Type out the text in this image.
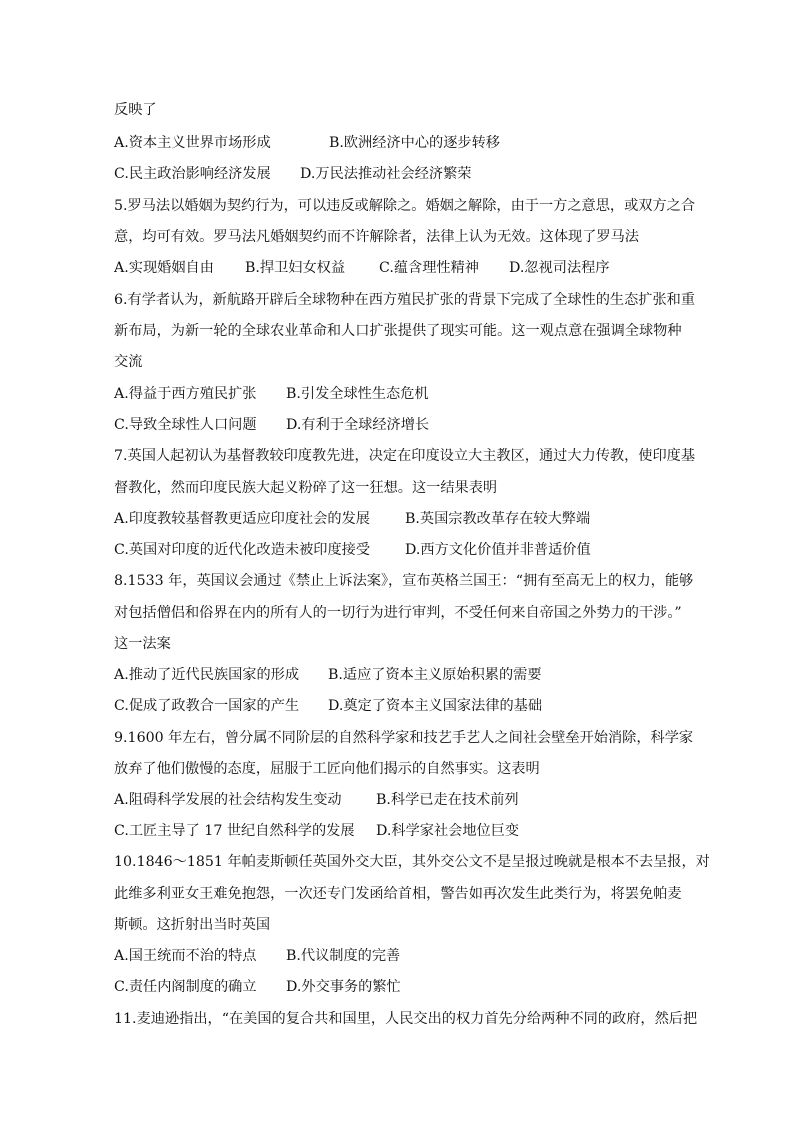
反映了
A.资本主义世界市场形成	B.欧洲经济中心的逐步转移
C.民主政治影响经济发展 D.万民法推动社会经济繁荣
5.罗马法以婚姻为契约行为，可以违反或解除之。婚姻之解除，由于一方之意思，或双方之合
意，均可有效。罗马法凡婚姻契约而不许解除者，法律上认为无效。这体现了罗马法
A.实现婚姻自由 B.捍卫妇女权益 C.蕴含理性精神 D.忽视司法程序
6.有学者认为，新航路开辟后全球物种在西方殖民扩张的背景下完成了全球性的生态扩张和重
新布局，为新一轮的全球农业革命和人口扩张提供了现实可能。这一观点意在强调全球物种
交流
A.得益于西方殖民扩张 B.引发全球性生态危机
C.导致全球性人口问题 D.有利于全球经济增长
7.英国人起初认为基督教较印度教先进，决定在印度设立大主教区，通过大力传教，使印度基
督教化，然而印度民族大起义粉碎了这一狂想。这一结果表明
A.印度教较基督教更适应印度社会的发展 B.英国宗教改革存在较大弊端
C.英国对印度的近代化改造未被印度接受 D.西方文化价值并非普适价值
8.1533 年，英国议会通过《禁止上诉法案》，宣布英格兰国王：“拥有至高无上的权力，能够
对包括僧侣和俗界在内的所有人的一切行为进行审判，不受任何来自帝国之外势力的干涉。”
这一法案
A.推动了近代民族国家的形成 B.适应了资本主义原始积累的需要
C.促成了政教合一国家的产生 D.奠定了资本主义国家法律的基础
9.1600 年左右，曾分属不同阶层的自然科学家和技艺手艺人之间社会壁垒开始消除，科学家
放弃了他们傲慢的态度，屈服于工匠向他们揭示的自然事实。这表明
A.阻碍科学发展的社会结构发生变动 B.科学已走在技术前列
C.工匠主导了 17 世纪自然科学的发展 D.科学家社会地位巨变
10.1846～1851 年帕麦斯顿任英国外交大臣，其外交公文不是呈报过晚就是根本不去呈报，对
此维多利亚女王难免抱怨，一次还专门发函给首相，警告如再次发生此类行为，将罢免帕麦
斯顿。这折射出当时英国
A.国王统而不治的特点 B.代议制度的完善
C.责任内阁制度的确立 D.外交事务的繁忙
11.麦迪逊指出，“在美国的复合共和国里，人民交出的权力首先分给两种不同的政府，然后把
